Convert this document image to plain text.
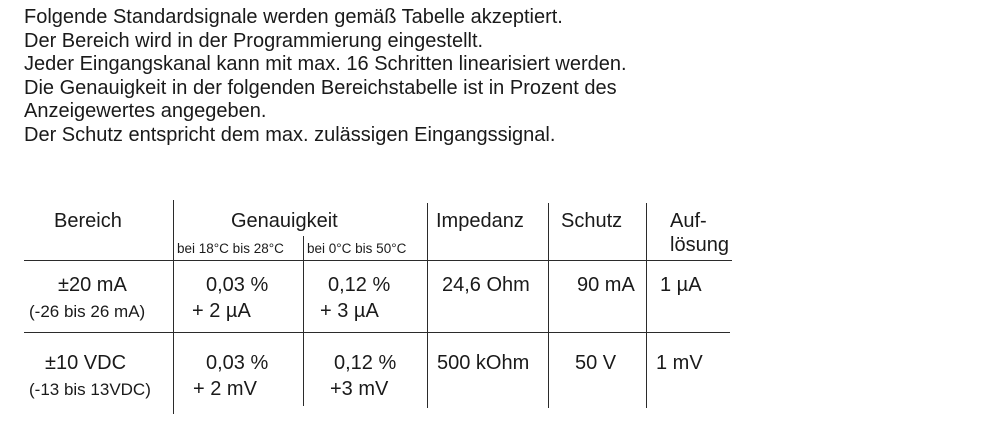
Folgende Standardsignale werden gemäß Tabelle akzeptiert.
Der Bereich wird in der Programmierung eingestellt.
Jeder Eingangskanal kann mit max. 16 Schritten linearisiert werden.
Die Genauigkeit in der folgenden Bereichstabelle ist in Prozent des
Anzeigewertes angegeben.
Der Schutz entspricht dem max. zulässigen Eingangssignal.
Bereich	Genauigkeit
bei 18°C bis 28°C bei 0°C bis 50°C
Impedanz Schutz Auf-
lösung
±20 mA
(-26 bis 26 mA)
0,03 %
+ 2 µA
0,12 %
+ 3 µA
24,6 Ohm 90 mA 1 µA
±10 VDC
(-13 bis 13VDC)
0,03 %
+ 2 mV
0,12 %
+3 mV
500 kOhm 50 V 1 mV
